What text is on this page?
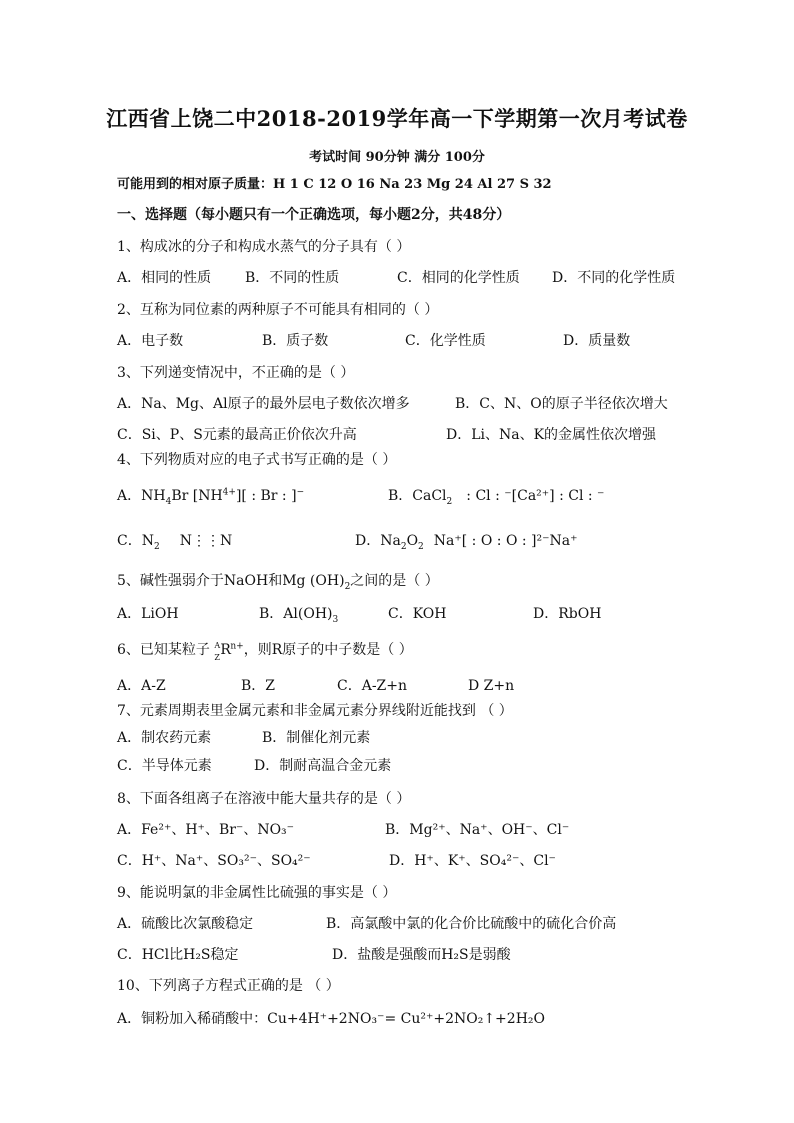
江西省上饶二中2018-2019学年高一下学期第一次月考试卷
考试时间 90分钟 满分 100分
可能用到的相对原子质量：H 1 C 12 O 16 Na 23 Mg 24 Al 27 S 32
一、选择题（每小题只有一个正确选项，每小题2分，共48分）
1、构成冰的分子和构成水蒸气的分子具有（ ）
A．相同的性质 B．不同的性质	C．相同的化学性质 D．不同的化学性质
2、互称为同位素的两种原子不可能具有相同的（ ）
A．电子数	B．质子数	C．化学性质	D．质量数
3、下列递变情况中，不正确的是（ ）
A．Na、Mg、Al原子的最外层电子数依次增多	B．C、N、O的原子半径依次增大
C．Si、P、S元素的最高正价依次升高	D．Li、Na、K的金属性依次增强
4、下列物质对应的电子式书写正确的是（ ）
A．$NH_4Br$ $[NH^{4+}]$[ : Br : ]−	B．CaCl$_2$ : Cl : ⁻[Ca²⁺] : Cl : ⁻
C．$N_2$ N⋮⋮N	D．$Na_2O_2$ Na⁺[ : O : O : ]²⁻Na⁺
5、碱性强弱介于NaOH和Mg $(OH)_2$之间的是（ ）
A．LiOH	B．$Al(OH)_3$	C．KOH	D．RbOH
6、已知某粒子 A
Z R $^{n+}$，则R原子的中子数是（ ）
A．A-Z	B．Z	C．A-Z+n	D Z+n
7、元素周期表里金属元素和非金属元素分界线附近能找到 （ ）
A．制农药元素	B．制催化剂元素
C．半导体元素	D．制耐高温合金元素
8、下面各组离子在溶液中能大量共存的是（ ）
A．Fe²⁺、H⁺、Br⁻、NO₃⁻	B．Mg²⁺、Na⁺、OH⁻、Cl⁻
C．H⁺、Na⁺、SO₃²⁻、SO₄²⁻	D．H⁺、K⁺、SO₄²⁻、Cl⁻
9、能说明氯的非金属性比硫强的事实是（ ）
A．硫酸比次氯酸稳定	B．高氯酸中氯的化合价比硫酸中的硫化合价高
C．HCl比H₂S稳定	D．盐酸是强酸而H₂S是弱酸
10、下列离子方程式正确的是 （ ）
A．铜粉加入稀硝酸中：Cu+4H⁺+2NO₃⁻= Cu²⁺+2NO₂↑+2H₂O
